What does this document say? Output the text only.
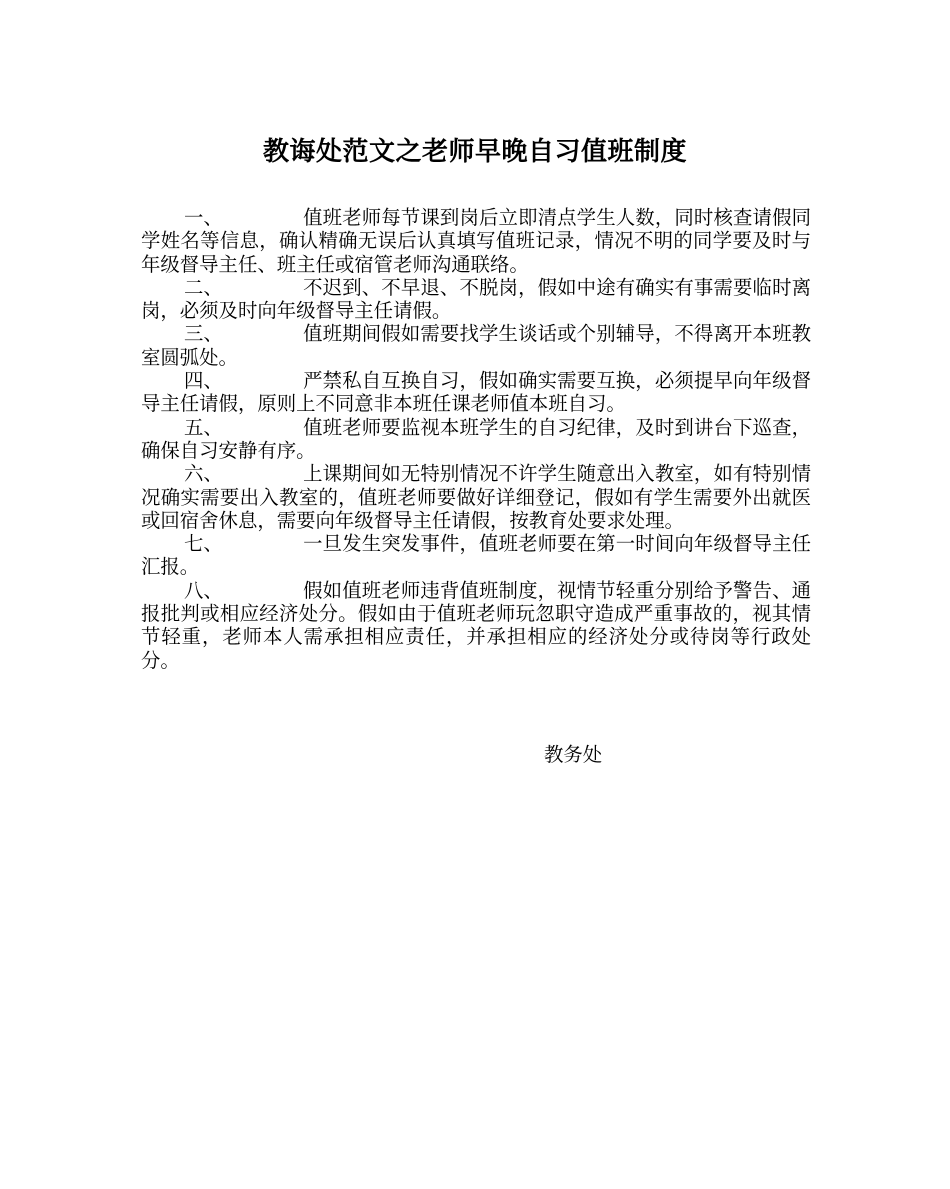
教诲处范文之老师早晚自习值班制度

一、	值班老师每节课到岗后立即清点学生人数，同时核查请假同学姓名等信息，确认精确无误后认真填写值班记录，情况不明的同学要及时与年级督导主任、班主任或宿管老师沟通联络。

二、	不迟到、不早退、不脱岗，假如中途有确实有事需要临时离岗，必须及时向年级督导主任请假。

三、	值班期间假如需要找学生谈话或个别辅导，不得离开本班教室圆弧处。

四、	严禁私自互换自习，假如确实需要互换，必须提早向年级督导主任请假，原则上不同意非本班任课老师值本班自习。

五、	值班老师要监视本班学生的自习纪律，及时到讲台下巡查，确保自习安静有序。

六、	上课期间如无特别情况不许学生随意出入教室，如有特别情况确实需要出入教室的，值班老师要做好详细登记，假如有学生需要外出就医或回宿舍休息，需要向年级督导主任请假，按教育处要求处理。

七、	一旦发生突发事件，值班老师要在第一时间向年级督导主任汇报。

八、	假如值班老师违背值班制度，视情节轻重分别给予警告、通报批判或相应经济处分。假如由于值班老师玩忽职守造成严重事故的，视其情节轻重，老师本人需承担相应责任，并承担相应的经济处分或待岗等行政处分。

教务处
